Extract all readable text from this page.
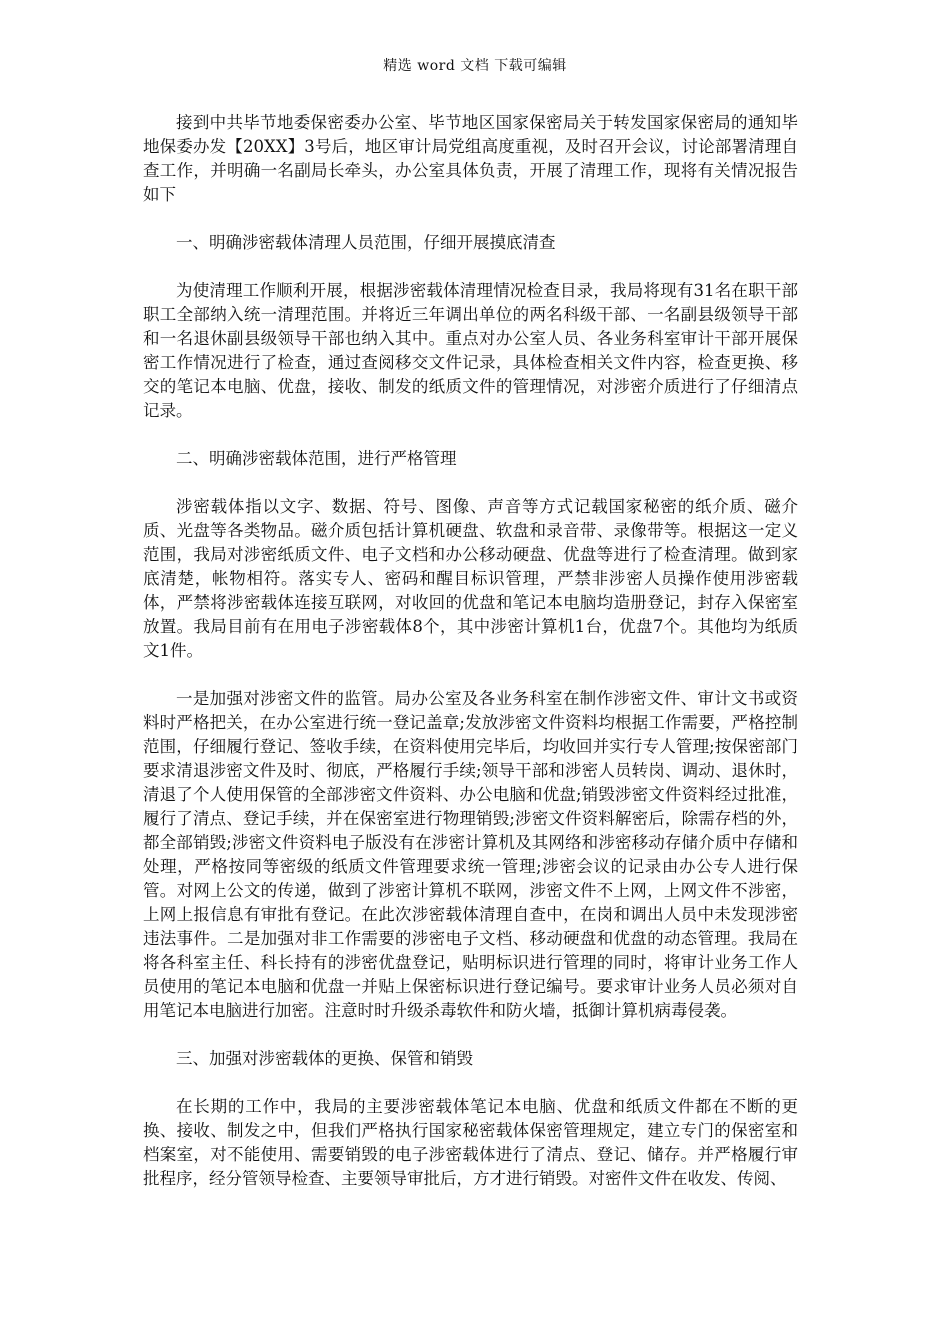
精选 word 文档 下载可编辑

接到中共毕节地委保密委办公室、毕节地区国家保密局关于转发国家保密局的通知毕地保委办发【20XX】3号后，地区审计局党组高度重视，及时召开会议，讨论部署清理自查工作，并明确一名副局长牵头，办公室具体负责，开展了清理工作，现将有关情况报告如下

一、明确涉密载体清理人员范围，仔细开展摸底清查

为使清理工作顺利开展，根据涉密载体清理情况检查目录，我局将现有31名在职干部职工全部纳入统一清理范围。并将近三年调出单位的两名科级干部、一名副县级领导干部和一名退休副县级领导干部也纳入其中。重点对办公室人员、各业务科室审计干部开展保密工作情况进行了检查，通过查阅移交文件记录，具体检查相关文件内容，检查更换、移交的笔记本电脑、优盘，接收、制发的纸质文件的管理情况，对涉密介质进行了仔细清点记录。

二、明确涉密载体范围，进行严格管理

涉密载体指以文字、数据、符号、图像、声音等方式记载国家秘密的纸介质、磁介质、光盘等各类物品。磁介质包括计算机硬盘、软盘和录音带、录像带等。根据这一定义范围，我局对涉密纸质文件、电子文档和办公移动硬盘、优盘等进行了检查清理。做到家底清楚，帐物相符。落实专人、密码和醒目标识管理，严禁非涉密人员操作使用涉密载体，严禁将涉密载体连接互联网，对收回的优盘和笔记本电脑均造册登记，封存入保密室放置。我局目前有在用电子涉密载体8个，其中涉密计算机1台，优盘7个。其他均为纸质文1件。

一是加强对涉密文件的监管。局办公室及各业务科室在制作涉密文件、审计文书或资料时严格把关，在办公室进行统一登记盖章;发放涉密文件资料均根据工作需要，严格控制范围，仔细履行登记、签收手续，在资料使用完毕后，均收回并实行专人管理;按保密部门要求清退涉密文件及时、彻底，严格履行手续;领导干部和涉密人员转岗、调动、退休时，清退了个人使用保管的全部涉密文件资料、办公电脑和优盘;销毁涉密文件资料经过批准，履行了清点、登记手续，并在保密室进行物理销毁;涉密文件资料解密后，除需存档的外，都全部销毁;涉密文件资料电子版没有在涉密计算机及其网络和涉密移动存储介质中存储和处理，严格按同等密级的纸质文件管理要求统一管理;涉密会议的记录由办公专人进行保管。对网上公文的传递，做到了涉密计算机不联网，涉密文件不上网，上网文件不涉密，上网上报信息有审批有登记。在此次涉密载体清理自查中，在岗和调出人员中未发现涉密违法事件。二是加强对非工作需要的涉密电子文档、移动硬盘和优盘的动态管理。我局在将各科室主任、科长持有的涉密优盘登记，贴明标识进行管理的同时，将审计业务工作人员使用的笔记本电脑和优盘一并贴上保密标识进行登记编号。要求审计业务人员必须对自用笔记本电脑进行加密。注意时时升级杀毒软件和防火墙，抵御计算机病毒侵袭。

三、加强对涉密载体的更换、保管和销毁

在长期的工作中，我局的主要涉密载体笔记本电脑、优盘和纸质文件都在不断的更换、接收、制发之中，但我们严格执行国家秘密载体保密管理规定，建立专门的保密室和档案室，对不能使用、需要销毁的电子涉密载体进行了清点、登记、储存。并严格履行审批程序，经分管领导检查、主要领导审批后，方才进行销毁。对密件文件在收发、传阅、
